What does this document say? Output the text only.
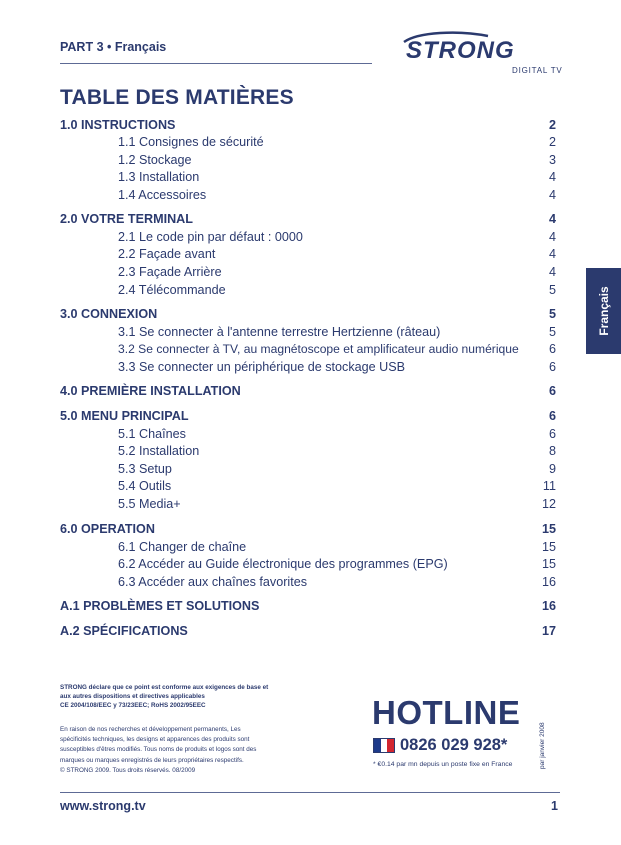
PART 3 • Français	STRONG
DIGITAL TV
TABLE DES MATIÈRES
1.0 INSTRUCTIONS	2
1.1 Consignes de sécurité	2
1.2 Stockage	3
1.3 Installation	4
1.4 Accessoires	4
2.0 VOTRE TERMINAL	4
2.1 Le code pin par défaut : 0000	4
2.2 Façade avant	4
2.3 Façade Arrière	4
2.4 Télécommande	5
3.0 CONNEXION	5
3.1 Se connecter à l'antenne terrestre Hertzienne (râteau)	5
3.2 Se connecter à TV, au magnétoscope et amplificateur audio numérique 6
3.3 Se connecter un périphérique de stockage USB	6
4.0 PREMIÈRE INSTALLATION	6
5.0 MENU PRINCIPAL	6
5.1 Chaînes	6
5.2 Installation	8
5.3 Setup	9
5.4 Outils	11
5.5 Media+	12
6.0 OPERATION	15
6.1 Changer de chaîne	15
6.2 Accéder au Guide électronique des programmes (EPG)	15
6.3 Accéder aux chaînes favorites	16
A.1 PROBLÈMES ET SOLUTIONS	16
A.2 SPÉCIFICATIONS	17
Français
STRONG déclare que ce point est conforme aux exigences de base et
aux autres dispositions et directives applicables
CE 2004/108/EEC y 73/23EEC; RoHS 2002/95EEC
En raison de nos recherches et développement permanents, Les
spécificités techniques, les designs et apparences des produits sont
susceptibles d'êtres modifiés. Tous noms de produits et logos sont des
marques ou marques enregistrés de leurs propriétaires respectifs.
© STRONG 2009. Tous droits réservés. 08/2009
HOTLINE
0826 029 928*
* €0.14 par mn depuis un poste fixe en France	par janvier 2008
www.strong.tv	1
